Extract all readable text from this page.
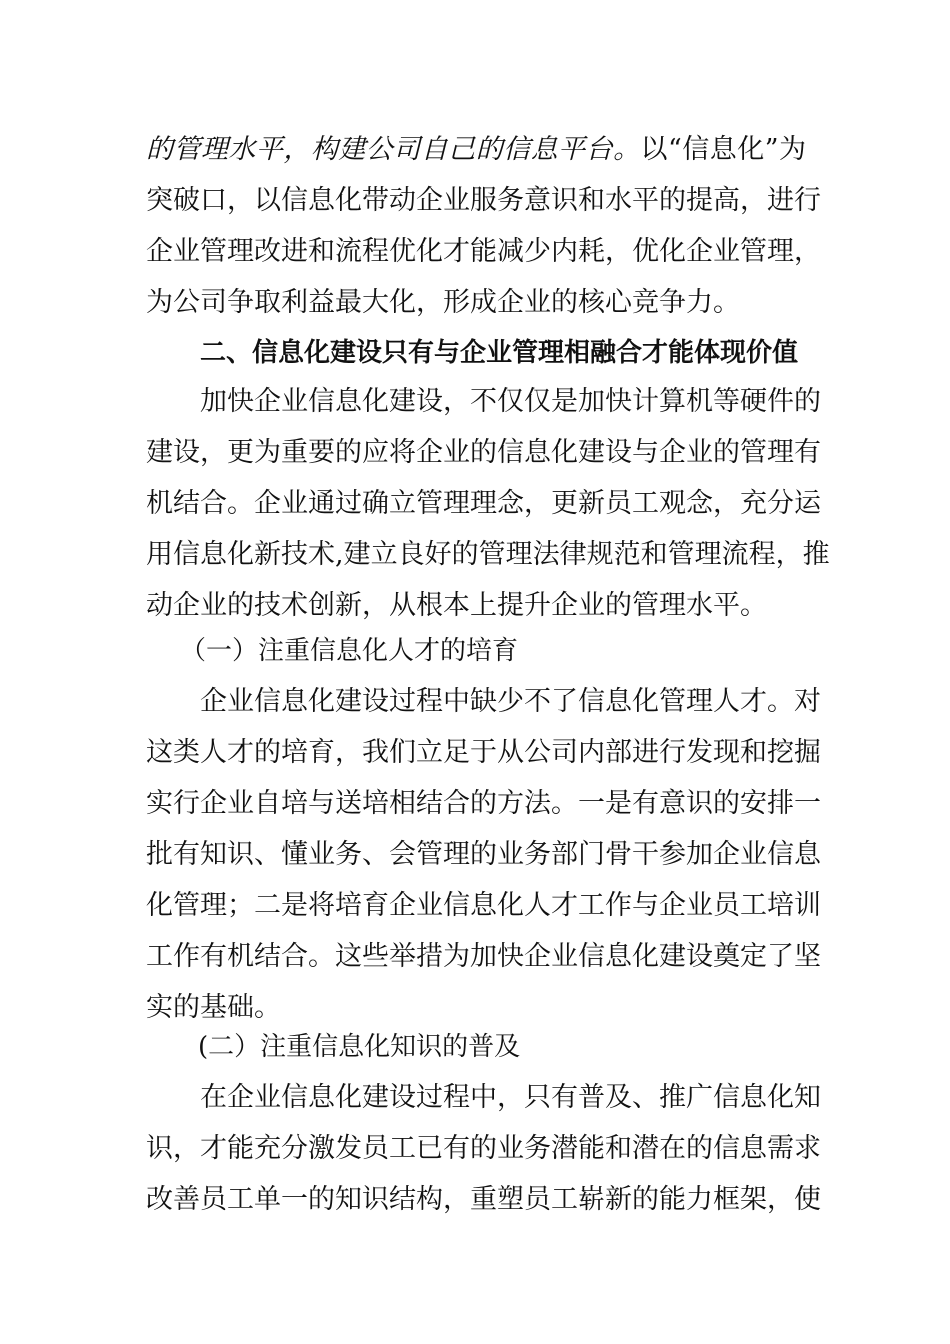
的管理水平，构建公司自己的信息平台。以“信息化”为
突破口，以信息化带动企业服务意识和水平的提高，进行
企业管理改进和流程优化才能减少内耗，优化企业管理，
为公司争取利益最大化，形成企业的核心竞争力。
二、信息化建设只有与企业管理相融合才能体现价值
加快企业信息化建设，不仅仅是加快计算机等硬件的
建设，更为重要的应将企业的信息化建设与企业的管理有
机结合。企业通过确立管理理念，更新员工观念，充分运
用信息化新技术,建立良好的管理法律规范和管理流程，推
动企业的技术创新，从根本上提升企业的管理水平。
（一）注重信息化人才的培育
企业信息化建设过程中缺少不了信息化管理人才。对
这类人才的培育，我们立足于从公司内部进行发现和挖掘
实行企业自培与送培相结合的方法。一是有意识的安排一
批有知识、懂业务、会管理的业务部门骨干参加企业信息
化管理；二是将培育企业信息化人才工作与企业员工培训
工作有机结合。这些举措为加快企业信息化建设奠定了坚
实的基础。
(二）注重信息化知识的普及
在企业信息化建设过程中，只有普及、推广信息化知
识，才能充分激发员工已有的业务潜能和潜在的信息需求
改善员工单一的知识结构，重塑员工崭新的能力框架，使
